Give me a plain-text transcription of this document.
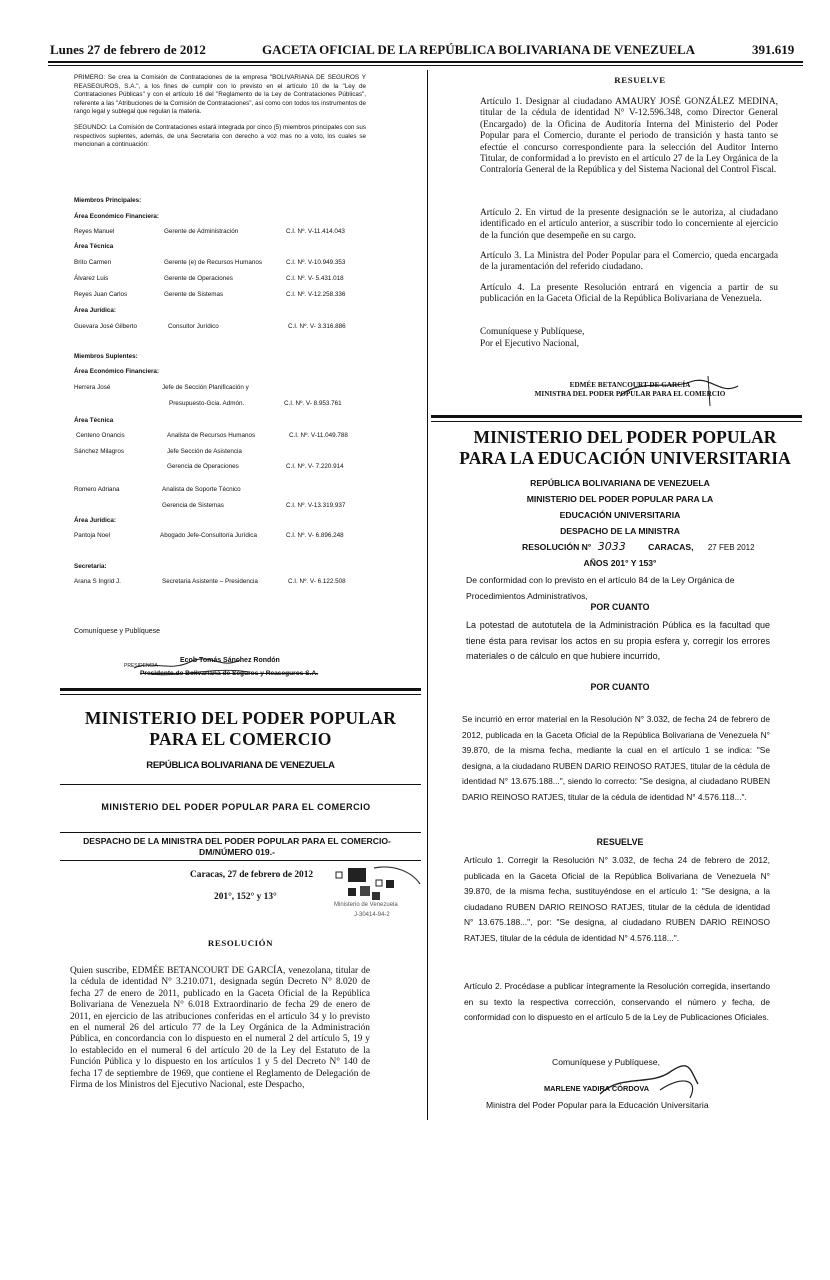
Lunes 27 de febrero de 2012	GACETA OFICIAL DE LA REPÚBLICA BOLIVARIANA DE VENEZUELA	391.619
PRIMERO: Se crea la Comisión de Contrataciones de la empresa "BOLIVARIANA DE SEGUROS Y REASEGUROS, S.A.", a los fines de cumplir con lo previsto en el artículo 10 de la "Ley de Contrataciones Públicas" y con el artículo 16 del "Reglamento de la Ley de Contrataciones Públicas", referente a las "Atribuciones de la Comisión de Contrataciones", así como con todos los instrumentos de rango legal y sublegal que regulan la materia.
SEGUNDO: La Comisión de Contrataciones estará integrada por cinco (5) miembros principales con sus respectivos suplentes, además, de una Secretaria con derecho a voz mas no a voto, los cuales se mencionan a continuación:
Miembros Principales:
Área Económico Financiera:
Reyes Manuel	Gerente de Administración	C.I. Nº. V-11.414.043
Área Técnica
Brito Carmen	Gerente (e) de Recursos Humanos	C.I. Nº. V-10.949.353
Álvarez Luis	Gerente de Operaciones	C.I. Nº. V- 5.431.018
Reyes Juan Carlos	Gerente de Sistemas	C.I. Nº. V-12.258.336
Área Jurídica:
Guevara José Gilberto	Consultor Jurídico	C.I. Nº. V- 3.316.886
Miembros Suplentes:
Área Económico Financiera:
Herrera José	Jefe de Sección Planificación y
Presupuesto-Gcia. Admón.	C.I. Nº. V- 8.953.761
Área Técnica
Centeno Onancis	Analista de Recursos Humanos	C.I. Nº. V-11.049.788
Sánchez Milagros	Jefe Sección de Asistencia
Gerencia de Operaciones	C.I. Nº. V- 7.220.914
Romero Adriana	Analista de Soporte Técnico
Gerencia de Sistemas	C.I. Nº. V-13.319.937
Área Jurídica:
Pantoja Noel	Abogado Jefe-Consultoría Jurídica	C.I. Nº. V- 6.896.248
Secretaria:
Arana S Ingrid J.	Secretaria Asistente – Presidencia	C.I. Nº. V- 6.122.508
Comuníquese y Publíquese
PRESIDENCIA
Ecob Tomás Sánchez Rondón
Presidente de Bolivariana de Seguros y Reaseguros S.A.
MINISTERIO DEL PODER POPULAR PARA EL COMERCIO
REPÚBLICA BOLIVARIANA DE VENEZUELA
MINISTERIO DEL PODER POPULAR PARA EL COMERCIO
DESPACHO DE LA MINISTRA DEL PODER POPULAR PARA EL COMERCIO- DM/NÚMERO 019.-
Caracas, 27 de febrero de 2012
201°, 152° y 13°
Ministerio de Venezuela
J-30414-94-2
RESOLUCIÓN
Quien suscribe, EDMÉE BETANCOURT DE GARCÍA, venezolana, titular de la cédula de identidad N° 3.210.071, designada según Decreto N° 8.020 de fecha 27 de enero de 2011, publicado en la Gaceta Oficial de la República Bolivariana de Venezuela N° 6.018 Extraordinario de fecha 29 de enero de 2011, en ejercicio de las atribuciones conferidas en el artículo 34 y lo previsto en el numeral 26 del artículo 77 de la Ley Orgánica de la Administración Pública, en concordancia con lo dispuesto en el numeral 2 del artículo 5, 19 y lo establecido en el numeral 6 del artículo 20 de la Ley del Estatuto de la Función Pública y lo dispuesto en los artículos 1 y 5 del Decreto N° 140 de fecha 17 de septiembre de 1969, que contiene el Reglamento de Delegación de Firma de los Ministros del Ejecutivo Nacional, este Despacho,
RESUELVE
Artículo 1. Designar al ciudadano AMAURY JOSÉ GONZÁLEZ MEDINA, titular de la cédula de identidad N° V-12.596.348, como Director General (Encargado) de la Oficina de Auditoría Interna del Ministerio del Poder Popular para el Comercio, durante el periodo de transición y hasta tanto se efectúe el concurso correspondiente para la selección del Auditor Interno Titular, de conformidad a lo previsto en el artículo 27 de la Ley Orgánica de la Contraloría General de la República y del Sistema Nacional del Control Fiscal.
Artículo 2. En virtud de la presente designación se le autoriza, al ciudadano identificado en el artículo anterior, a suscribir todo lo concerniente al ejercicio de la función que desempeñe en su cargo.
Artículo 3. La Ministra del Poder Popular para el Comercio, queda encargada de la juramentación del referido ciudadano.
Artículo 4. La presente Resolución entrará en vigencia a partir de su publicación en la Gaceta Oficial de la República Bolivariana de Venezuela.
Comuníquese y Publíquese,
Por el Ejecutivo Nacional,
EDMÉE BETANCOURT DE GARCÍA
MINISTRA DEL PODER POPULAR PARA EL COMERCIO
MINISTERIO DEL PODER POPULAR PARA LA EDUCACIÓN UNIVERSITARIA
REPÚBLICA BOLIVARIANA DE VENEZUELA
MINISTERIO DEL PODER POPULAR PARA LA
EDUCACIÓN UNIVERSITARIA
DESPACHO DE LA MINISTRA
RESOLUCIÓN N° 3033	CARACAS, 27 FEB 2012
AÑOS 201° Y 153°
De conformidad con lo previsto en el artículo 84 de la Ley Orgánica de Procedimientos Administrativos,
POR CUANTO
La potestad de autotutela de la Administración Pública es la facultad que tiene ésta para revisar los actos en su propia esfera y, corregir los errores materiales o de cálculo en que hubiere incurrido,
POR CUANTO
Se incurrió en error material en la Resolución N° 3.032, de fecha 24 de febrero de 2012, publicada en la Gaceta Oficial de la República Bolivariana de Venezuela N° 39.870, de la misma fecha, mediante la cual en el artículo 1 se indica: "Se designa, a la ciudadano RUBEN DARIO REINOSO RATJES, titular de la cédula de identidad N° 13.675.188...", siendo lo correcto: "Se designa, al ciudadano RUBEN DARIO REINOSO RATJES, titular de la cédula de identidad N° 4.576.118...".
RESUELVE
Artículo 1. Corregir la Resolución N° 3.032, de fecha 24 de febrero de 2012, publicada en la Gaceta Oficial de la República Bolivariana de Venezuela N° 39.870, de la misma fecha, sustituyéndose en el artículo 1: "Se designa, a la ciudadano RUBEN DARIO REINOSO RATJES, titular de la cédula de identidad N° 13.675.188...", por: "Se designa, al ciudadano RUBEN DARIO REINOSO RATJES, titular de la cédula de identidad N° 4.576.118...".
Artículo 2. Procédase a publicar íntegramente la Resolución corregida, insertando en su texto la respectiva corrección, conservando el número y fecha, de conformidad con lo dispuesto en el artículo 5 de la Ley de Publicaciones Oficiales.
Comuníquese y Publíquese,
MARLENE YADIRA CÓRDOVA
Ministra del Poder Popular para la Educación Universitaria
